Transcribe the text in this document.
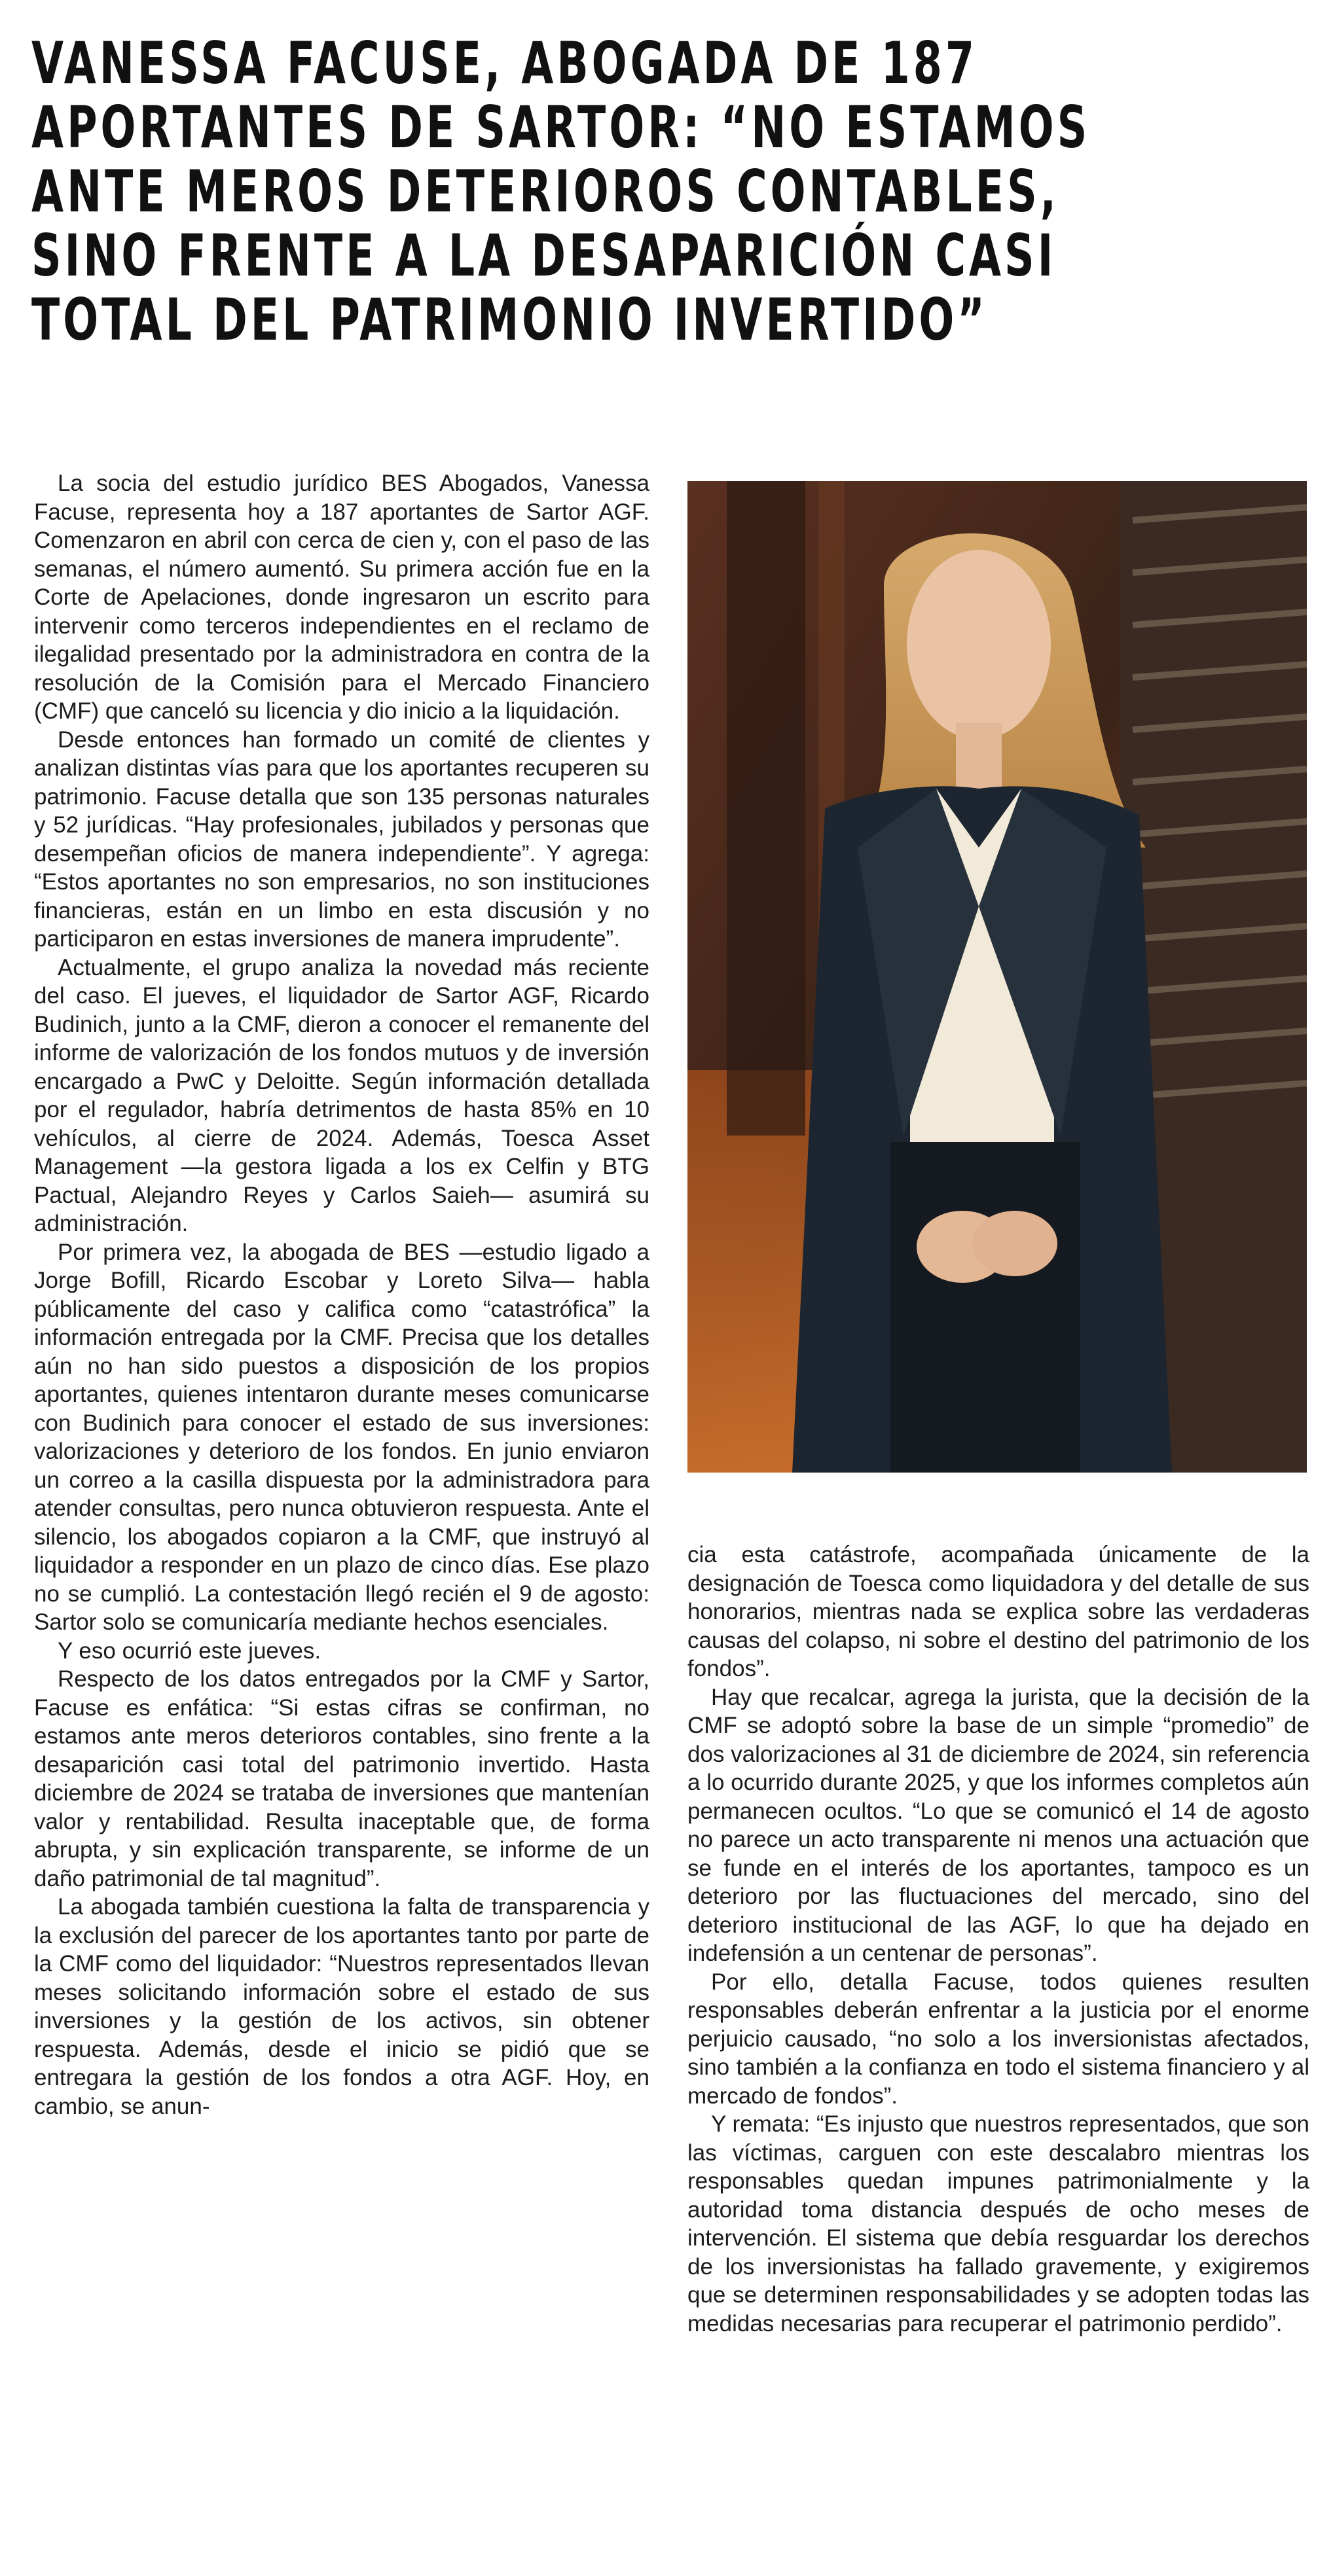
VANESSA FACUSE, ABOGADA DE 187
APORTANTES DE SARTOR: “NO ESTAMOS
ANTE MEROS DETERIOROS CONTABLES,
SINO FRENTE A LA DESAPARICIÓN CASI
TOTAL DEL PATRIMONIO INVERTIDO”

La socia del estudio jurídico BES Abogados, Vanessa Facuse, representa hoy a 187 aportantes de Sartor AGF. Comenzaron en abril con cerca de cien y, con el paso de las semanas, el número aumentó. Su primera acción fue en la Corte de Apelaciones, donde ingresaron un escrito para intervenir como terceros independientes en el reclamo de ilegalidad presentado por la administradora en contra de la resolución de la Comisión para el Mercado Financiero (CMF) que canceló su licencia y dio inicio a la liquidación.

Desde entonces han formado un comité de clientes y analizan distintas vías para que los aportantes recuperen su patrimonio. Facuse detalla que son 135 personas naturales y 52 jurídicas. “Hay profesionales, jubilados y personas que desempeñan oficios de manera independiente”. Y agrega: “Estos aportantes no son empresarios, no son instituciones financieras, están en un limbo en esta discusión y no participaron en estas inversiones de manera imprudente”.

Actualmente, el grupo analiza la novedad más reciente del caso. El jueves, el liquidador de Sartor AGF, Ricardo Budinich, junto a la CMF, dieron a conocer el remanente del informe de valorización de los fondos mutuos y de inversión encargado a PwC y Deloitte. Según información detallada por el regulador, habría detrimentos de hasta 85% en 10 vehículos, al cierre de 2024. Además, Toesca Asset Management —la gestora ligada a los ex Celfin y BTG Pactual, Alejandro Reyes y Carlos Saieh— asumirá su administración.

Por primera vez, la abogada de BES —estudio ligado a Jorge Bofill, Ricardo Escobar y Loreto Silva— habla públicamente del caso y califica como “catastrófica” la información entregada por la CMF. Precisa que los detalles aún no han sido puestos a disposición de los propios aportantes, quienes intentaron durante meses comunicarse con Budinich para conocer el estado de sus inversiones: valorizaciones y deterioro de los fondos. En junio enviaron un correo a la casilla dispuesta por la administradora para atender consultas, pero nunca obtuvieron respuesta. Ante el silencio, los abogados copiaron a la CMF, que instruyó al liquidador a responder en un plazo de cinco días. Ese plazo no se cumplió. La contestación llegó recién el 9 de agosto: Sartor solo se comunicaría mediante hechos esenciales.

Y eso ocurrió este jueves.

Respecto de los datos entregados por la CMF y Sartor, Facuse es enfática: “Si estas cifras se confirman, no estamos ante meros deterioros contables, sino frente a la desaparición casi total del patrimonio invertido. Hasta diciembre de 2024 se trataba de inversiones que mantenían valor y rentabilidad. Resulta inaceptable que, de forma abrupta, y sin explicación transparente, se informe de un daño patrimonial de tal magnitud”.

La abogada también cuestiona la falta de transparencia y la exclusión del parecer de los aportantes tanto por parte de la CMF como del liquidador: “Nuestros representados llevan meses solicitando información sobre el estado de sus inversiones y la gestión de los activos, sin obtener respuesta. Además, desde el inicio se pidió que se entregara la gestión de los fondos a otra AGF. Hoy, en cambio, se anun-

cia esta catástrofe, acompañada únicamente de la designación de Toesca como liquidadora y del detalle de sus honorarios, mientras nada se explica sobre las verdaderas causas del colapso, ni sobre el destino del patrimonio de los fondos”.

Hay que recalcar, agrega la jurista, que la decisión de la CMF se adoptó sobre la base de un simple “promedio” de dos valorizaciones al 31 de diciembre de 2024, sin referencia a lo ocurrido durante 2025, y que los informes completos aún permanecen ocultos. “Lo que se comunicó el 14 de agosto no parece un acto transparente ni menos una actuación que se funde en el interés de los aportantes, tampoco es un deterioro por las fluctuaciones del mercado, sino del deterioro institucional de las AGF, lo que ha dejado en indefensión a un centenar de personas”.

Por ello, detalla Facuse, todos quienes resulten responsables deberán enfrentar a la justicia por el enorme perjuicio causado, “no solo a los inversionistas afectados, sino también a la confianza en todo el sistema financiero y al mercado de fondos”.

Y remata: “Es injusto que nuestros representados, que son las víctimas, carguen con este descalabro mientras los responsables quedan impunes patrimonialmente y la autoridad toma distancia después de ocho meses de intervención. El sistema que debía resguardar los derechos de los inversionistas ha fallado gravemente, y exigiremos que se determinen responsabilidades y se adopten todas las medidas necesarias para recuperar el patrimonio perdido”.
